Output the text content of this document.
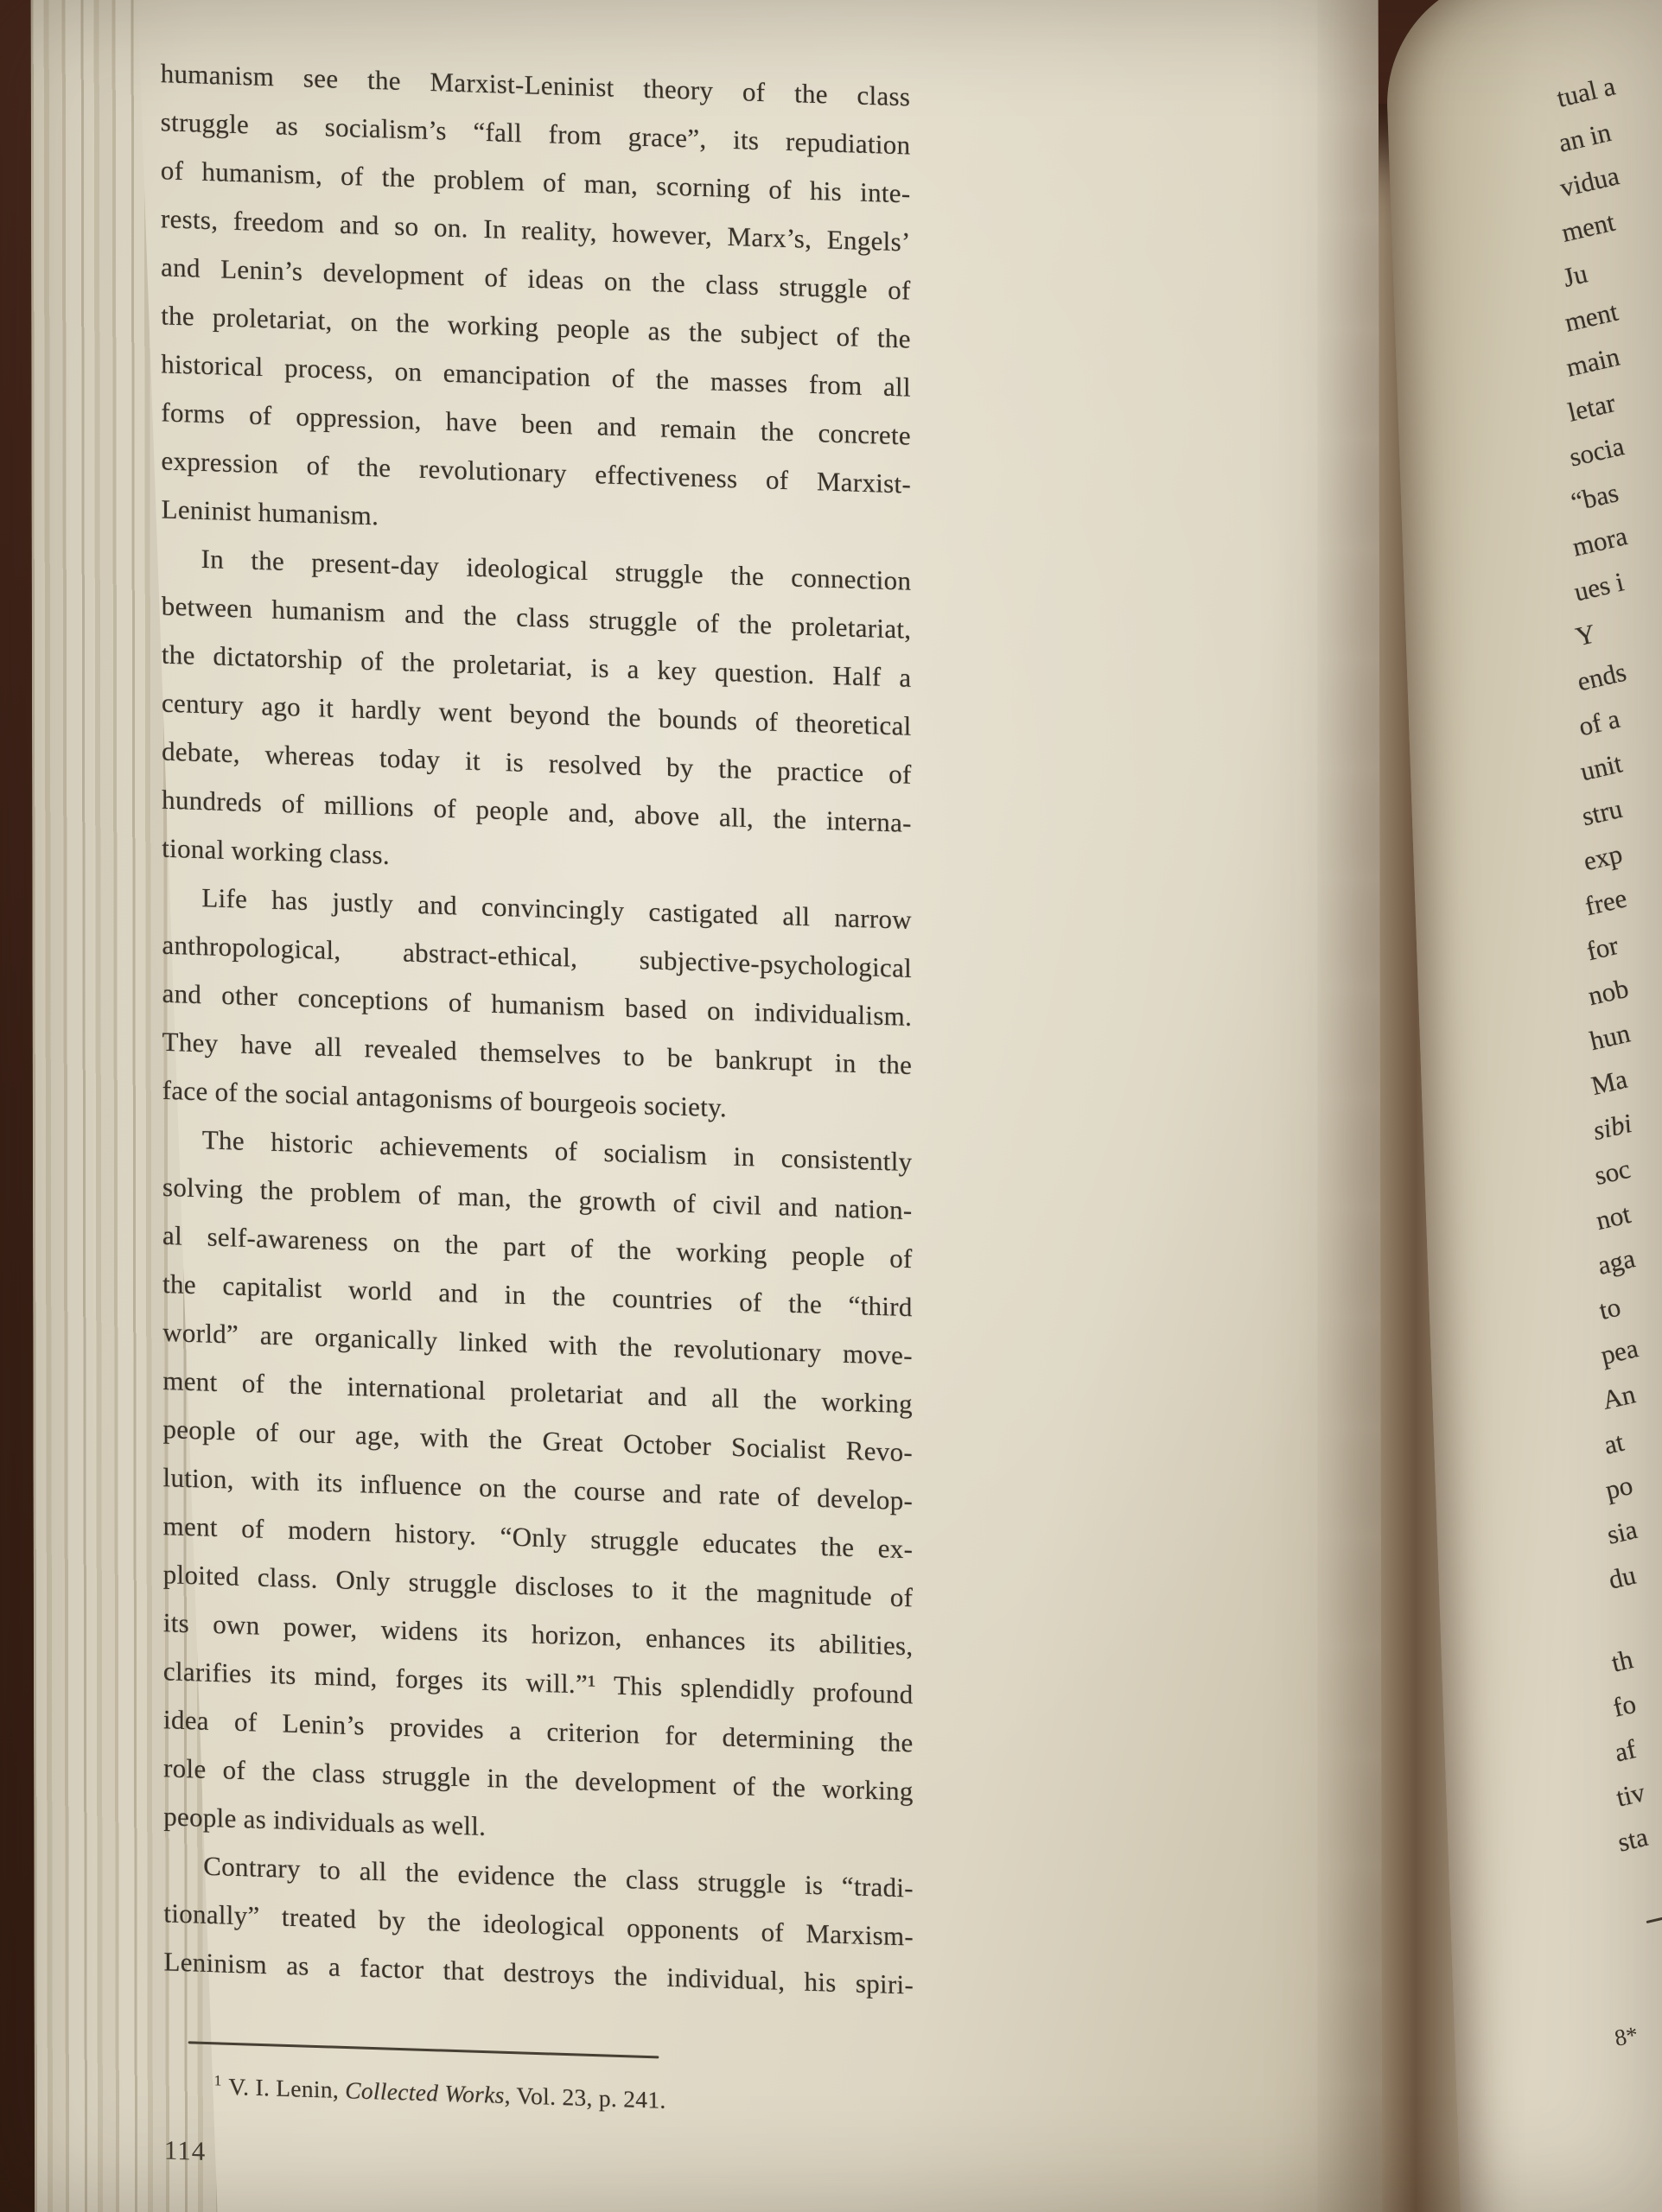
humanism see the Marxist-Leninist theory of the class
struggle as socialism’s “fall from grace”, its repudiation
of humanism, of the problem of man, scorning of his inte-
rests, freedom and so on. In reality, however, Marx’s, Engels’
and Lenin’s development of ideas on the class struggle of
the proletariat, on the working people as the subject of the
historical process, on emancipation of the masses from all
forms of oppression, have been and remain the concrete
expression of the revolutionary effectiveness of Marxist-
Leninist humanism.
In the present-day ideological struggle the connection
between humanism and the class struggle of the proletariat,
the dictatorship of the proletariat, is a key question. Half a
century ago it hardly went beyond the bounds of theoretical
debate, whereas today it is resolved by the practice of
hundreds of millions of people and, above all, the interna-
tional working class.
Life has justly and convincingly castigated all narrow
anthropological, abstract-ethical, subjective-psychological
and other conceptions of humanism based on individualism.
They have all revealed themselves to be bankrupt in the
face of the social antagonisms of bourgeois society.
The historic achievements of socialism in consistently
solving the problem of man, the growth of civil and nation-
al self-awareness on the part of the working people of
the capitalist world and in the countries of the “third
world” are organically linked with the revolutionary move-
ment of the international proletariat and all the working
people of our age, with the Great October Socialist Revo-
lution, with its influence on the course and rate of develop-
ment of modern history. “Only struggle educates the ex-
ploited class. Only struggle discloses to it the magnitude of
its own power, widens its horizon, enhances its abilities,
clarifies its mind, forges its will.”¹ This splendidly profound
idea of Lenin’s provides a criterion for determining the
role of the class struggle in the development of the working
people as individuals as well.
Contrary to all the evidence the class struggle is “tradi-
tionally” treated by the ideological opponents of Marxism-
Leninism as a factor that destroys the individual, his spiri-
$^1$ V. I. Lenin, Collected Works, Vol. 23, p. 241.
114
tual a
an in
vidua
ment
Ju
ment
main
letar
socia
“bas
mora
ues i
Y
ends
of a
unit
stru
exp
free
for
nob
hun
Ma
sibi
soc
not
aga
to
pea
An
at
po
sia
du
th
fo
af
tiv
sta
8*
